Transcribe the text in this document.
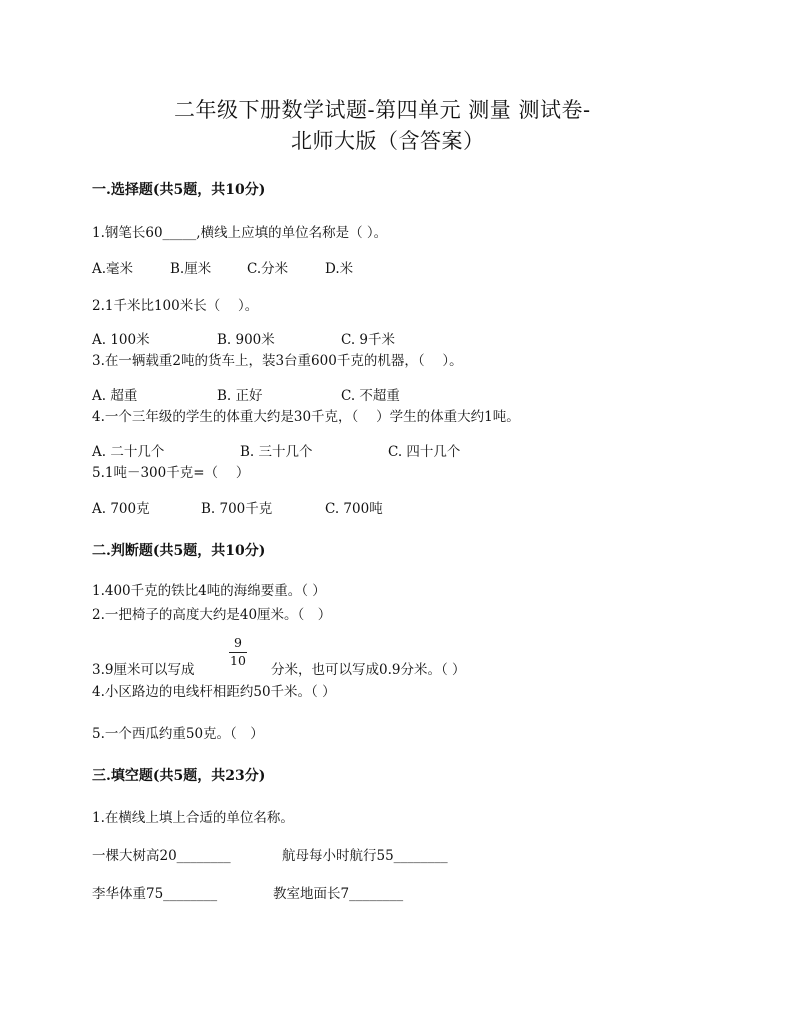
二年级下册数学试题-第四单元 测量 测试卷-
北师大版（含答案）
一.选择题(共5题，共10分)
1.钢笔长60_____,横线上应填的单位名称是（ ）。
A.毫米	B.厘米	C.分米	D.米
2.1千米比100米长（　 ）。
A. 100米	B. 900米	C. 9千米
3.在一辆载重2吨的货车上，装3台重600千克的机器，（　 ）。
A. 超重	B. 正好	C. 不超重
4.一个三年级的学生的体重大约是30千克，（　 ）学生的体重大约1吨。
A. 二十几个	B. 三十几个	C. 四十几个
5.1吨－300千克=（　 ）
A. 700克	B. 700千克	C. 700吨
二.判断题(共5题，共10分)
1.400千克的铁比4吨的海绵要重。（ ）
2.一把椅子的高度大约是40厘米。（　）
3.9厘米可以写成
9
10
分米，也可以写成0.9分米。（ ）
4.小区路边的电线杆相距约50千米。（ ）
5.一个西瓜约重50克。（　）
三.填空题(共5题，共23分)
1.在横线上填上合适的单位名称。
一棵大树高20________	航母每小时航行55________
李华体重75________	教室地面长7________
